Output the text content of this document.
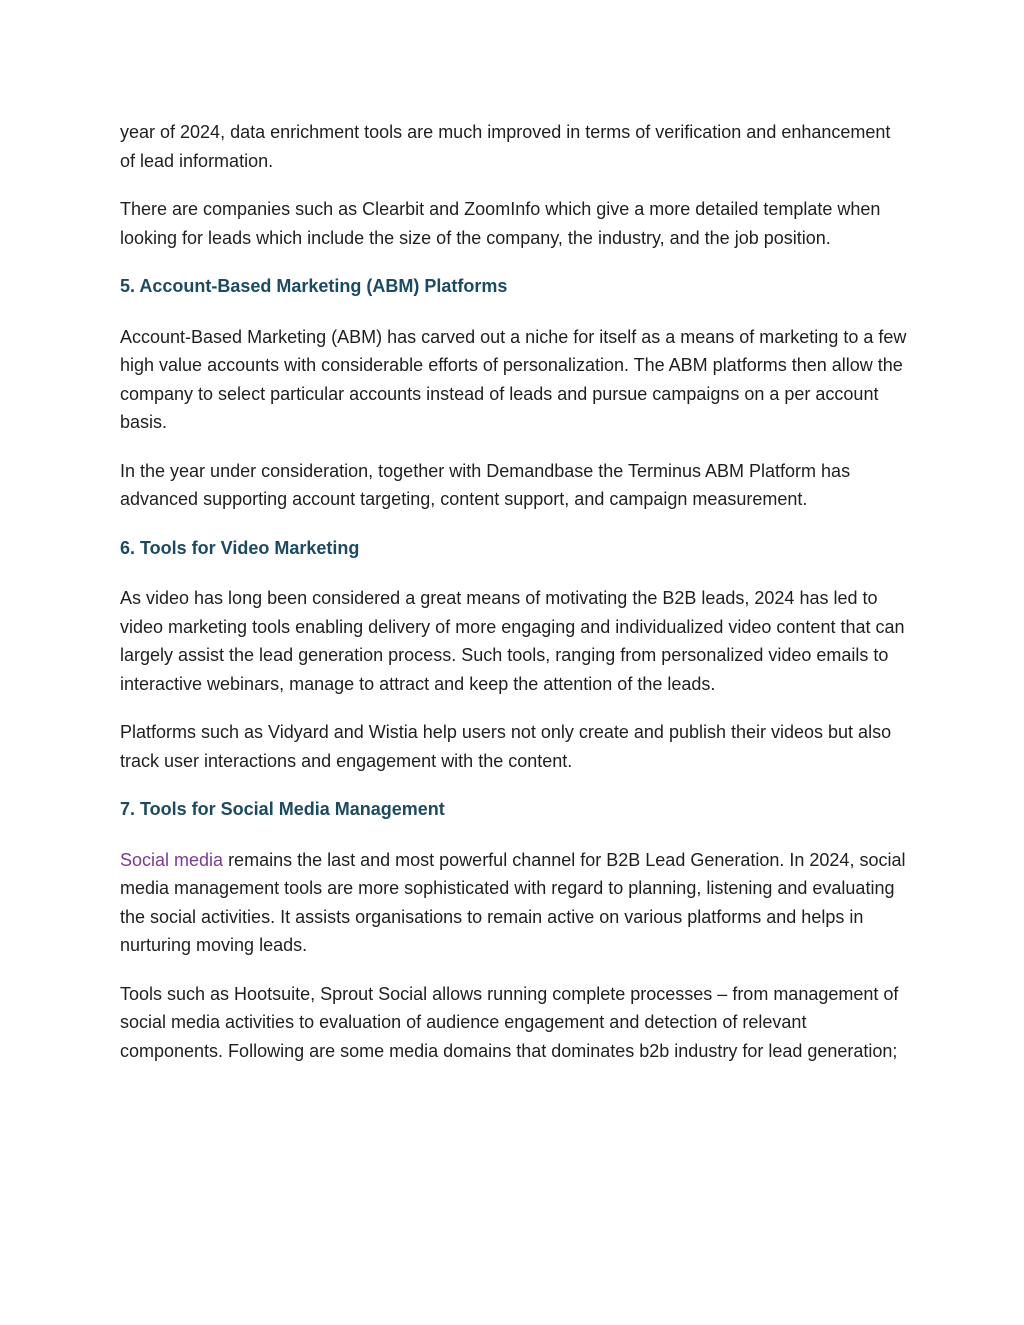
year of 2024, data enrichment tools are much improved in terms of verification and enhancement of lead information.

There are companies such as Clearbit and ZoomInfo which give a more detailed template when looking for leads which include the size of the company, the industry, and the job position.

5. Account-Based Marketing (ABM) Platforms

Account-Based Marketing (ABM) has carved out a niche for itself as a means of marketing to a few high value accounts with considerable efforts of personalization. The ABM platforms then allow the company to select particular accounts instead of leads and pursue campaigns on a per account basis.

In the year under consideration, together with Demandbase the Terminus ABM Platform has advanced supporting account targeting, content support, and campaign measurement.

6. Tools for Video Marketing

As video has long been considered a great means of motivating the B2B leads, 2024 has led to video marketing tools enabling delivery of more engaging and individualized video content that can largely assist the lead generation process. Such tools, ranging from personalized video emails to interactive webinars, manage to attract and keep the attention of the leads.

Platforms such as Vidyard and Wistia help users not only create and publish their videos but also track user interactions and engagement with the content.

7. Tools for Social Media Management

Social media remains the last and most powerful channel for B2B Lead Generation. In 2024, social media management tools are more sophisticated with regard to planning, listening and evaluating the social activities. It assists organisations to remain active on various platforms and helps in nurturing moving leads.

Tools such as Hootsuite, Sprout Social allows running complete processes – from management of social media activities to evaluation of audience engagement and detection of relevant components. Following are some media domains that dominates b2b industry for lead generation;
